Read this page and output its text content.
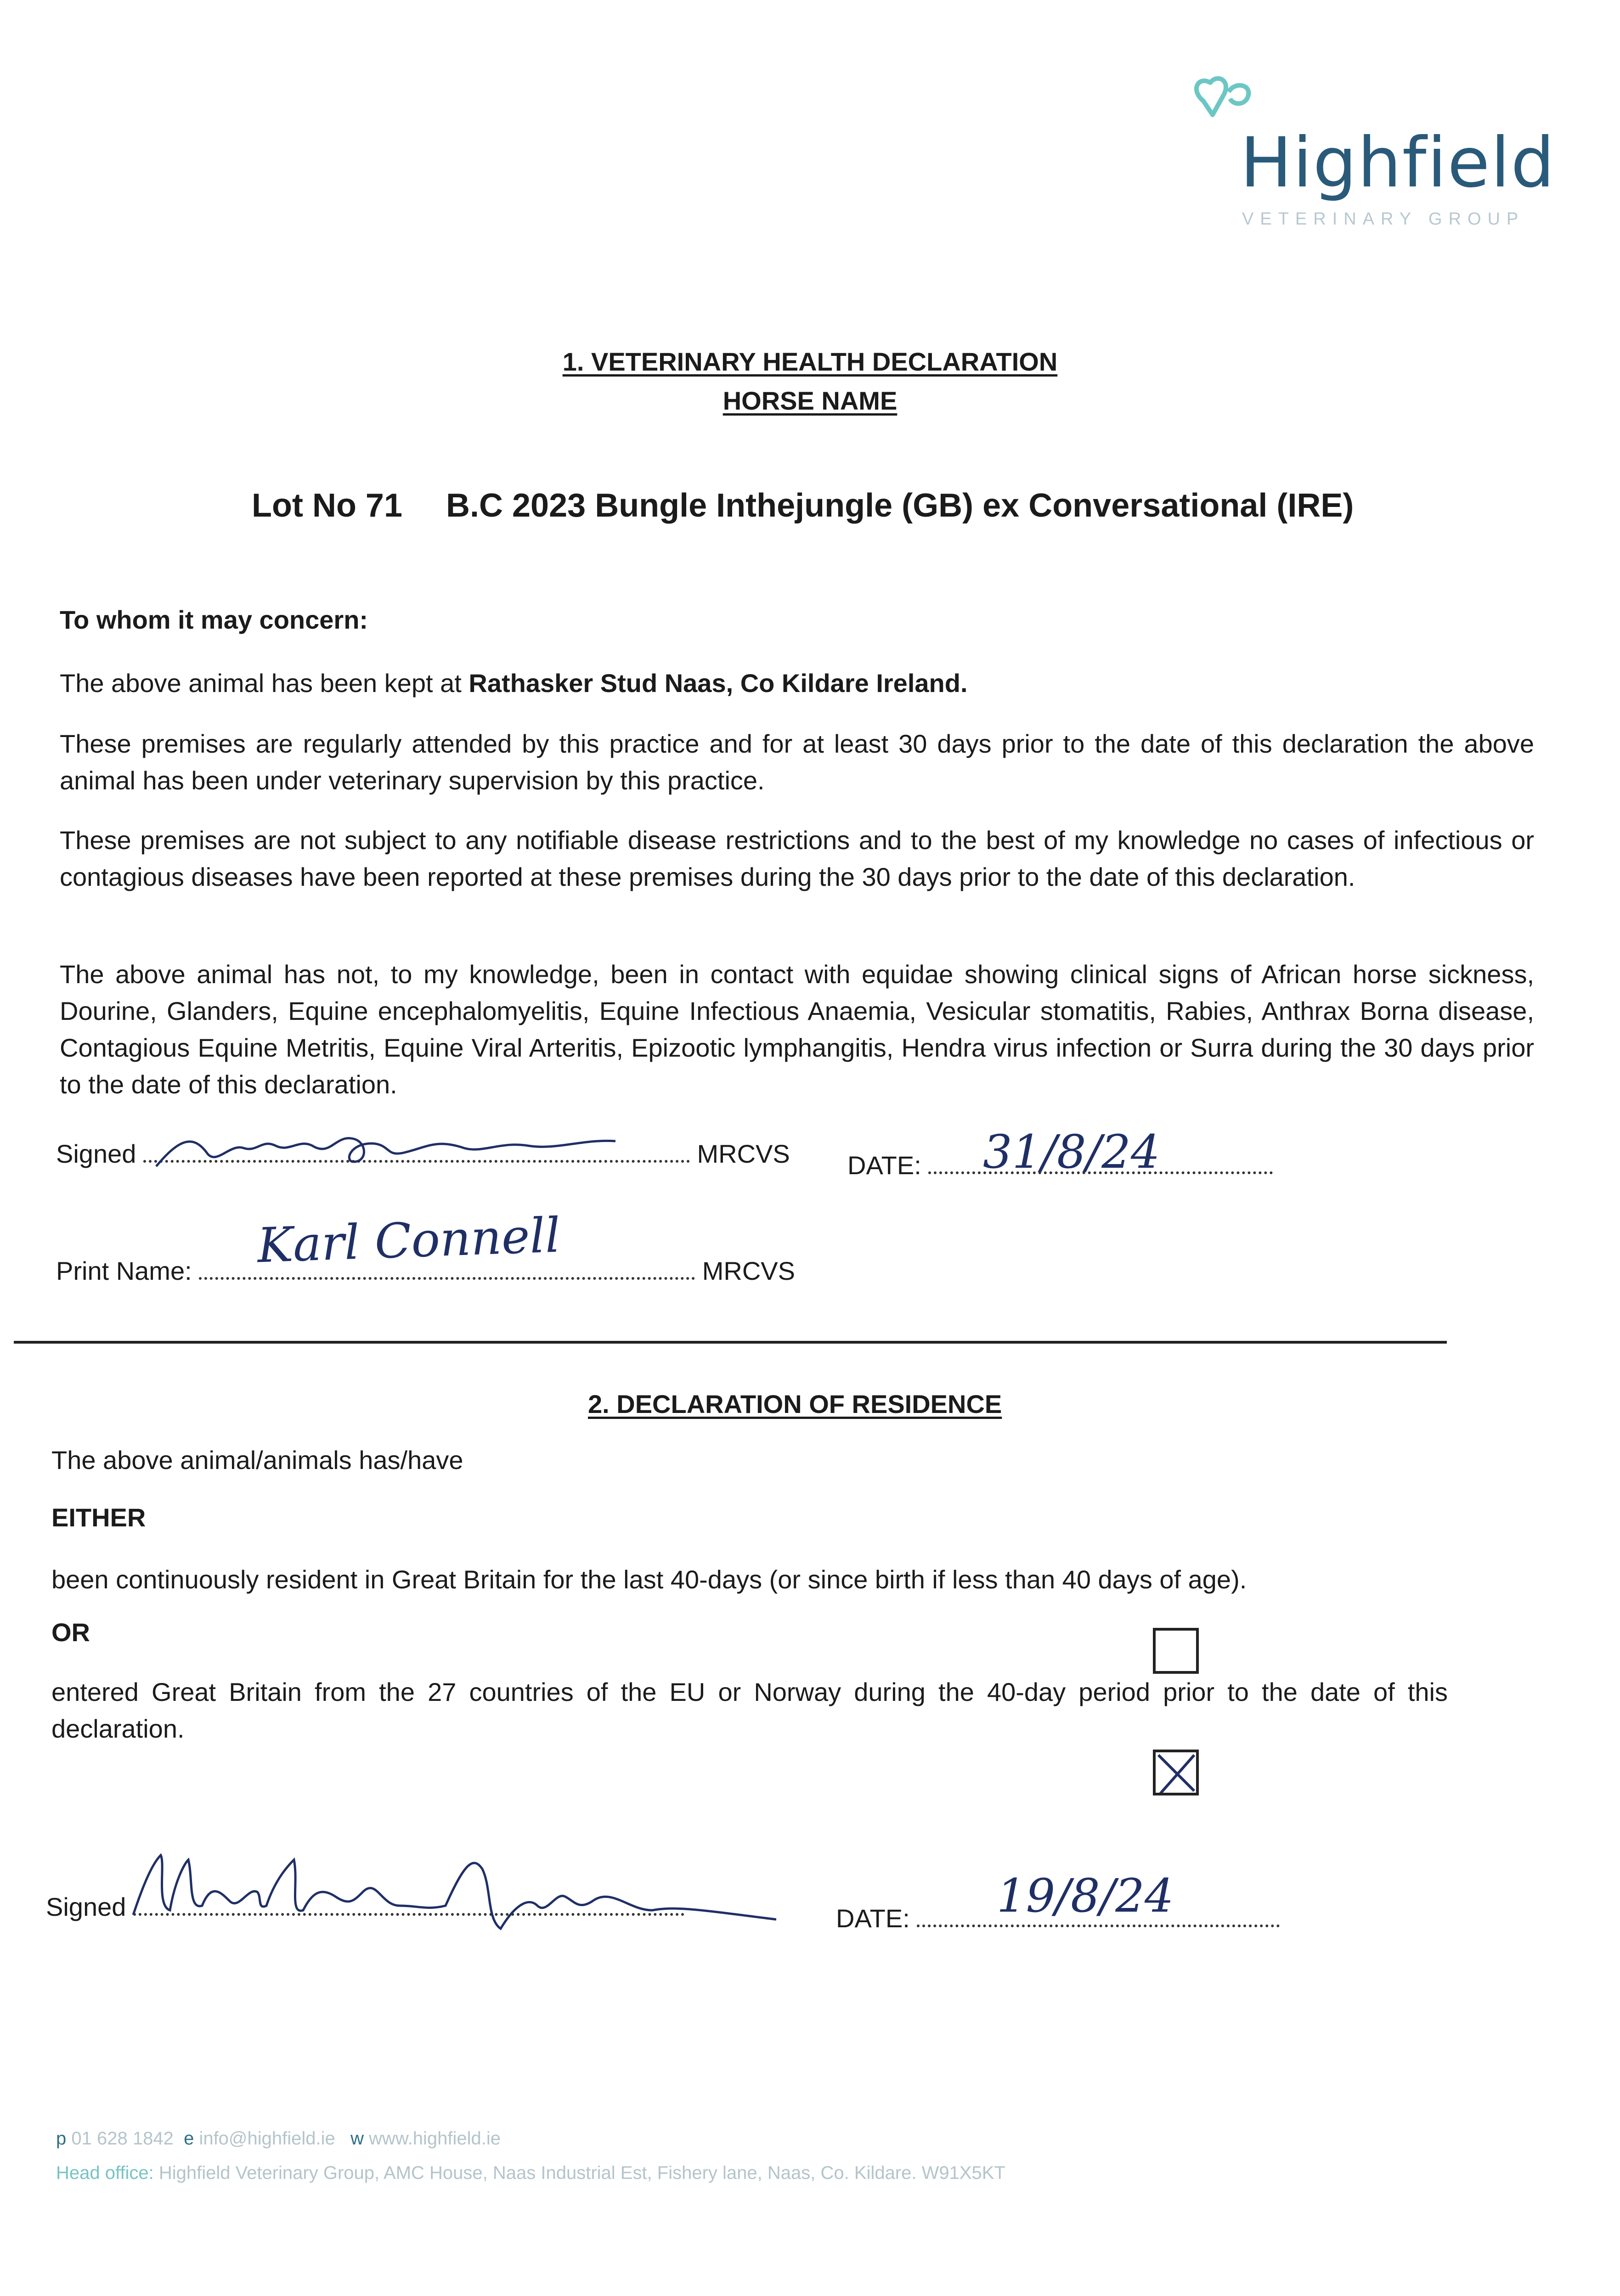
Highfield
VETERINARY GROUP
1. VETERINARY HEALTH DECLARATION
HORSE NAME
Lot No 71 B.C 2023 Bungle Inthejungle (GB) ex Conversational (IRE)
To whom it may concern:
The above animal has been kept at Rathasker Stud Naas, Co Kildare Ireland.
These premises are regularly attended by this practice and for at least 30 days prior to the date of this declaration the above animal has been under veterinary supervision by this practice.
These premises are not subject to any notifiable disease restrictions and to the best of my knowledge no cases of infectious or contagious diseases have been reported at these premises during the 30 days prior to the date of this declaration.
The above animal has not, to my knowledge, been in contact with equidae showing clinical signs of African horse sickness, Dourine, Glanders, Equine encephalomyelitis, Equine Infectious Anaemia, Vesicular stomatitis, Rabies, Anthrax Borna disease, Contagious Equine Metritis, Equine Viral Arteritis, Epizootic lymphangitis, Hendra virus infection or Surra during the 30 days prior to the date of this declaration.
Signed	MRCVS DATE:	31/8/24
Print Name:	MRCVS
Karl Connell
2. DECLARATION OF RESIDENCE
The above animal/animals has/have
EITHER
been continuously resident in Great Britain for the last 40-days (or since birth if less than 40 days of age).
OR
entered Great Britain from the 27 countries of the EU or Norway during the 40-day period prior to the date of this declaration.
Signed	DATE:	19/8/24
p 01 628 1842 e info@highfield.ie w www.highfield.ie
Head office: Highfield Veterinary Group, AMC House, Naas Industrial Est, Fishery lane, Naas, Co. Kildare. W91X5KT
